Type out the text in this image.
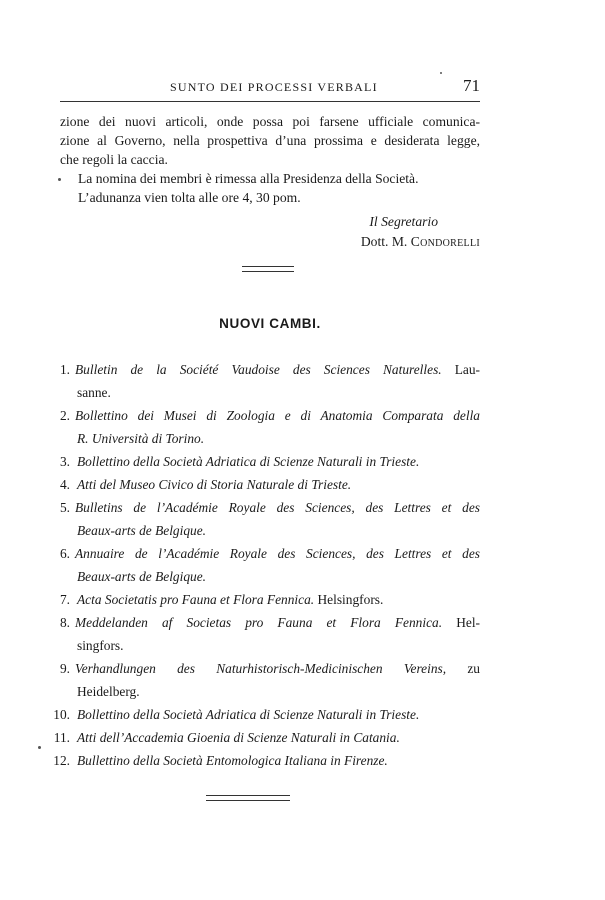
SUNTO DEI PROCESSI VERBALI	71

zione dei nuovi articoli, onde possa poi farsene ufficiale comunica-

zione al Governo, nella prospettiva d’una prossima e desiderata legge,

che regoli la caccia.

La nomina dei membri è rimessa alla Presidenza della Società.

L’adunanza vien tolta alle ore 4, 30 pom.

Il Segretario
Dott. M. Condorelli
NUOVI CAMBI.
1. Bulletin de la Société Vaudoise des Sciences Naturelles. Lau-
sanne.
2. Bollettino dei Musei di Zoologia e di Anatomia Comparata della
R. Università di Torino.
3. Bollettino della Società Adriatica di Scienze Naturali in Trieste.
4. Atti del Museo Civico di Storia Naturale di Trieste.
5. Bulletins de l’Académie Royale des Sciences, des Lettres et des
Beaux-arts de Belgique.
6. Annuaire de l’Académie Royale des Sciences, des Lettres et des
Beaux-arts de Belgique.
7. Acta Societatis pro Fauna et Flora Fennica. Helsingfors.
8. Meddelanden af Societas pro Fauna et Flora Fennica. Hel-
singfors.
9. Verhandlungen des Naturhistorisch-Medicinischen Vereins, zu
Heidelberg.
10. Bollettino della Società Adriatica di Scienze Naturali in Trieste.
11. Atti dell’Accademia Gioenia di Scienze Naturali in Catania.
12. Bullettino della Società Entomologica Italiana in Firenze.
